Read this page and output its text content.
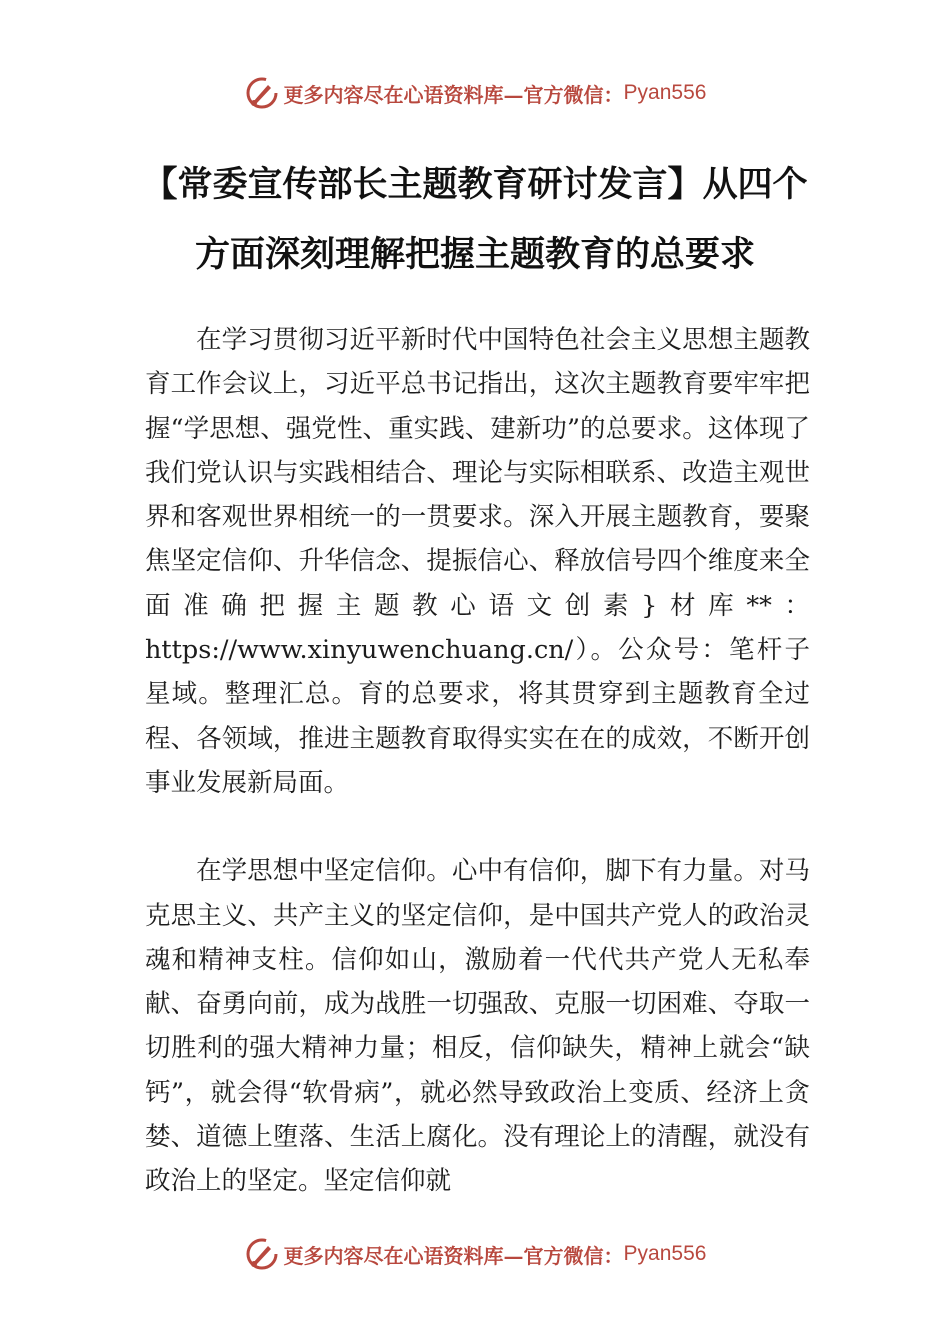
更多内容尽在心语资料库—官方微信： Pyan556
【常委宣传部长主题教育研讨发言】从四个方面深刻理解把握主题教育的总要求

在学习贯彻习近平新时代中国特色社会主义思想主题教育工作会议上，习近平总书记指出，这次主题教育要牢牢把握“学思想、强党性、重实践、建新功”的总要求。这体现了我们党认识与实践相结合、理论与实际相联系、改造主观世界和客观世界相统一的一贯要求。深入开展主题教育，要聚焦坚定信仰、升华信念、提振信心、释放信号四个维度来全面准确把握主题教心语文创素}材库**：https://www.xinyuwenchuang.cn/）。公众号：笔杆子星域。整理汇总。育的总要求，将其贯穿到主题教育全过程、各领域，推进主题教育取得实实在在的成效，不断开创事业发展新局面。

在学思想中坚定信仰。心中有信仰，脚下有力量。对马克思主义、共产主义的坚定信仰，是中国共产党人的政治灵魂和精神支柱。信仰如山，激励着一代代共产党人无私奉献、奋勇向前，成为战胜一切强敌、克服一切困难、夺取一切胜利的强大精神力量；相反，信仰缺失，精神上就会“缺钙”，就会得“软骨病”，就必然导致政治上变质、经济上贪婪、道德上堕落、生活上腐化。没有理论上的清醒，就没有政治上的坚定。坚定信仰就

更多内容尽在心语资料库—官方微信： Pyan556
